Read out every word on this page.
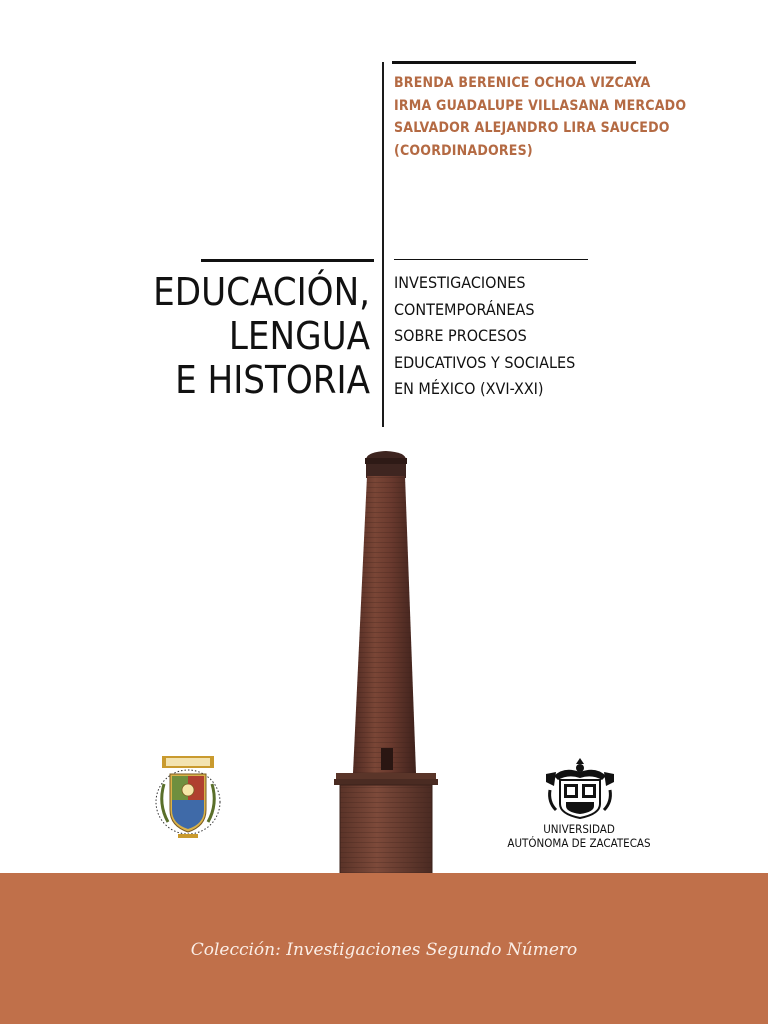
BRENDA BERENICE OCHOA VIZCAYA
IRMA GUADALUPE VILLASANA MERCADO
SALVADOR ALEJANDRO LIRA SAUCEDO
(COORDINADORES)
EDUCACIÓN,
LENGUA
E HISTORIA
INVESTIGACIONES
CONTEMPORÁNEAS
SOBRE PROCESOS
EDUCATIVOS Y SOCIALES
EN MÉXICO (XVI-XXI)
UNIVERSIDAD
AUTÓNOMA DE ZACATECAS
Colección: Investigaciones Segundo Número
